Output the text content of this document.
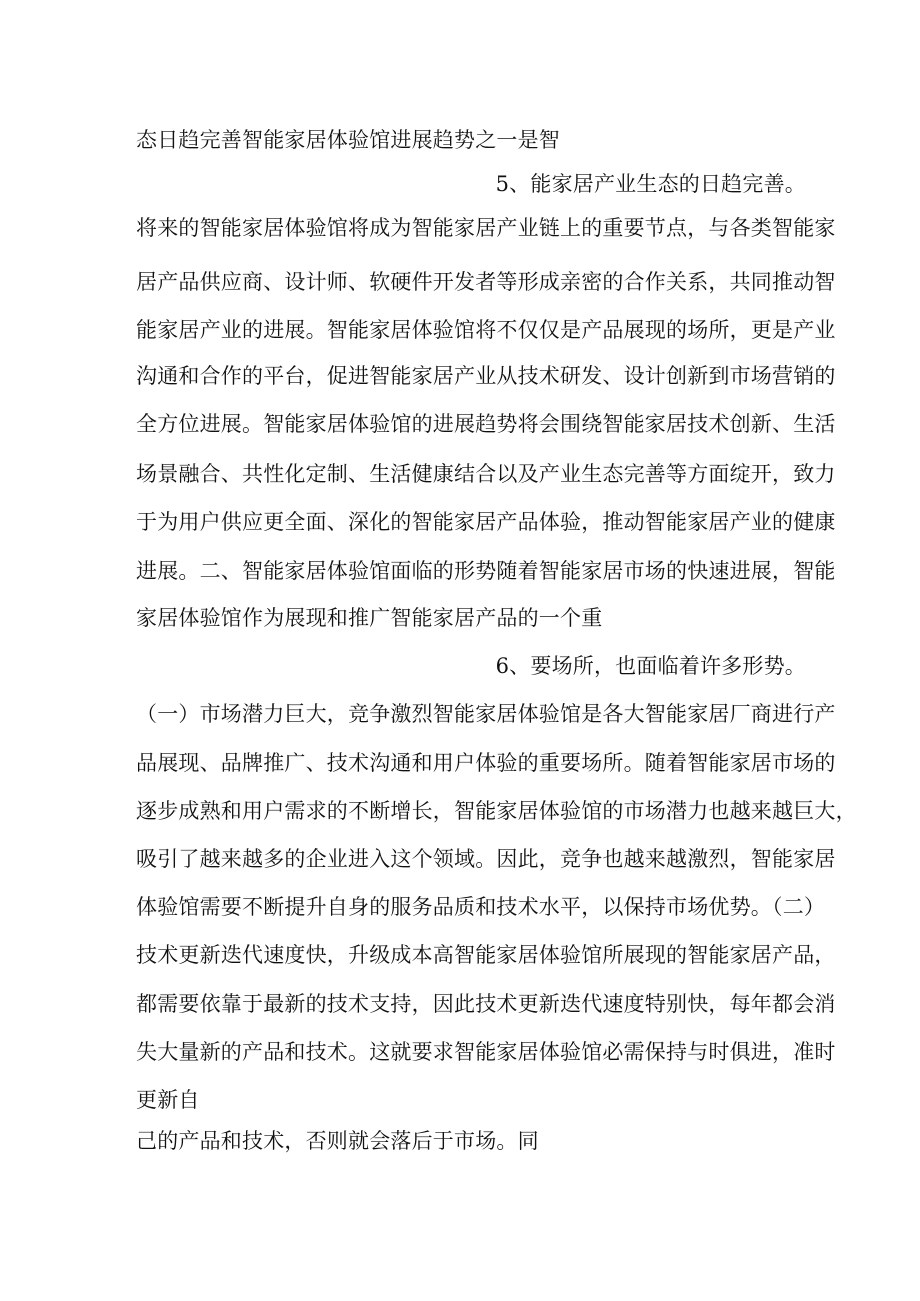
态日趋完善智能家居体验馆进展趋势之一是智
5、能家居产业生态的日趋完善。
将来的智能家居体验馆将成为智能家居产业链上的重要节点，与各类智能家
居产品供应商、设计师、软硬件开发者等形成亲密的合作关系，共同推动智
能家居产业的进展。智能家居体验馆将不仅仅是产品展现的场所，更是产业
沟通和合作的平台，促进智能家居产业从技术研发、设计创新到市场营销的
全方位进展。智能家居体验馆的进展趋势将会围绕智能家居技术创新、生活
场景融合、共性化定制、生活健康结合以及产业生态完善等方面绽开，致力
于为用户供应更全面、深化的智能家居产品体验，推动智能家居产业的健康
进展。二、智能家居体验馆面临的形势随着智能家居市场的快速进展，智能
家居体验馆作为展现和推广智能家居产品的一个重
6、要场所，也面临着许多形势。
（一）市场潜力巨大，竞争激烈智能家居体验馆是各大智能家居厂商进行产
品展现、品牌推广、技术沟通和用户体验的重要场所。随着智能家居市场的
逐步成熟和用户需求的不断增长，智能家居体验馆的市场潜力也越来越巨大，
吸引了越来越多的企业进入这个领域。因此，竞争也越来越激烈，智能家居
体验馆需要不断提升自身的服务品质和技术水平，以保持市场优势。（二）
技术更新迭代速度快，升级成本高智能家居体验馆所展现的智能家居产品，
都需要依靠于最新的技术支持，因此技术更新迭代速度特别快，每年都会消
失大量新的产品和技术。这就要求智能家居体验馆必需保持与时俱进，准时
更新自
己的产品和技术，否则就会落后于市场。同
